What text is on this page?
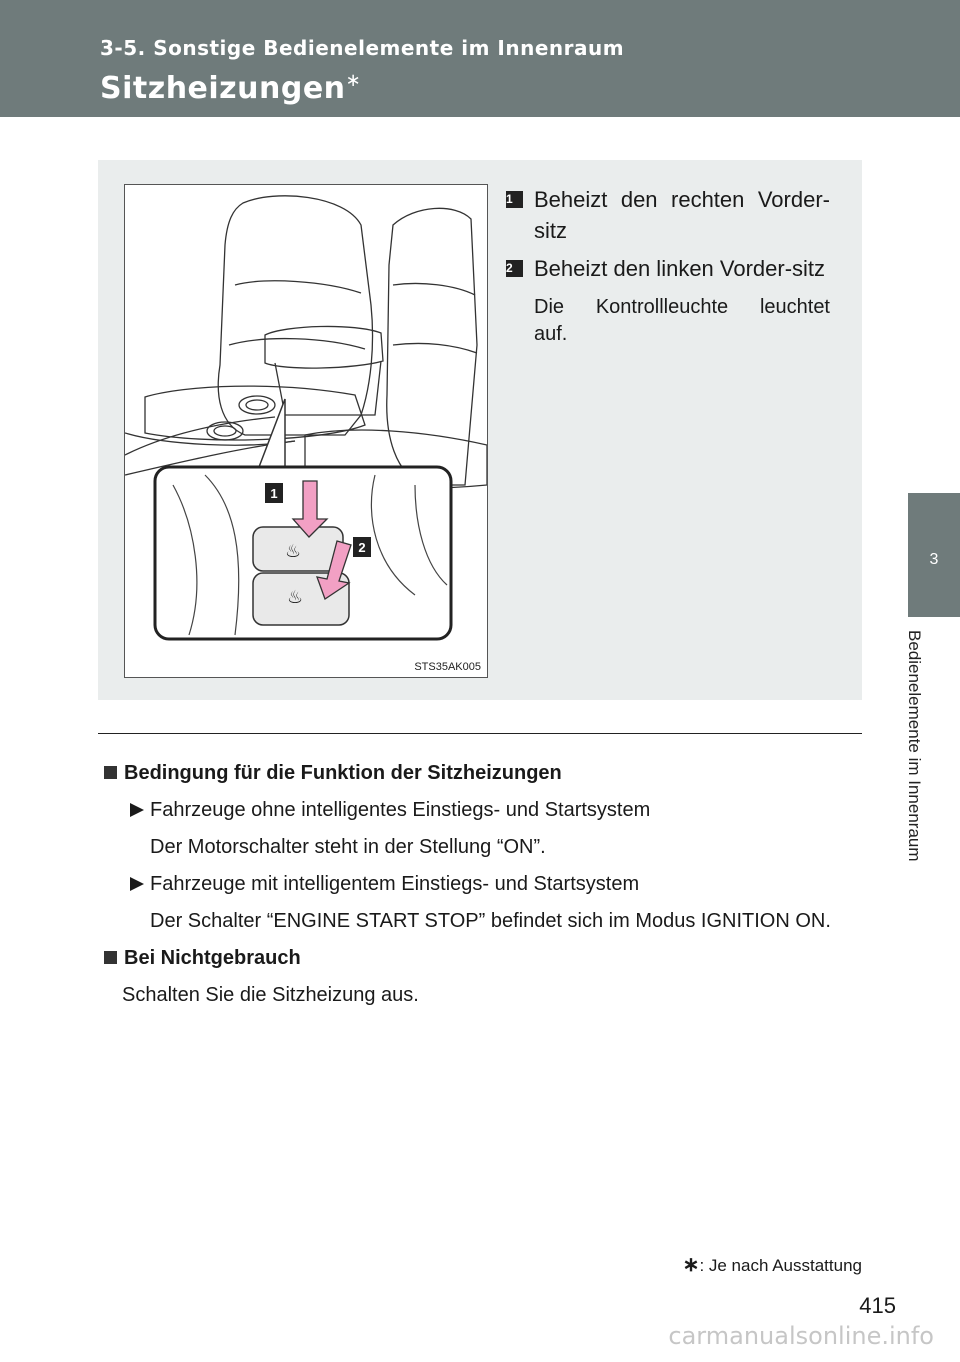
3-5. Sonstige Bedienelemente im Innenraum
Sitzheizungen∗
3
Bedienelemente im Innenraum
♨
♨
1
2
STS35AK005
1 Beheizt den rechten Vorder-sitz
2 Beheizt den linken Vorder-sitz
Die Kontrollleuchte leuchtet auf.
Bedingung für die Funktion der Sitzheizungen
Fahrzeuge ohne intelligentes Einstiegs- und Startsystem
Der Motorschalter steht in der Stellung “ON”.
Fahrzeuge mit intelligentem Einstiegs- und Startsystem
Der Schalter “ENGINE START STOP” befindet sich im Modus IGNITION ON.
Bei Nichtgebrauch
Schalten Sie die Sitzheizung aus.
∗: Je nach Ausstattung
415
carmanualsonline.info
